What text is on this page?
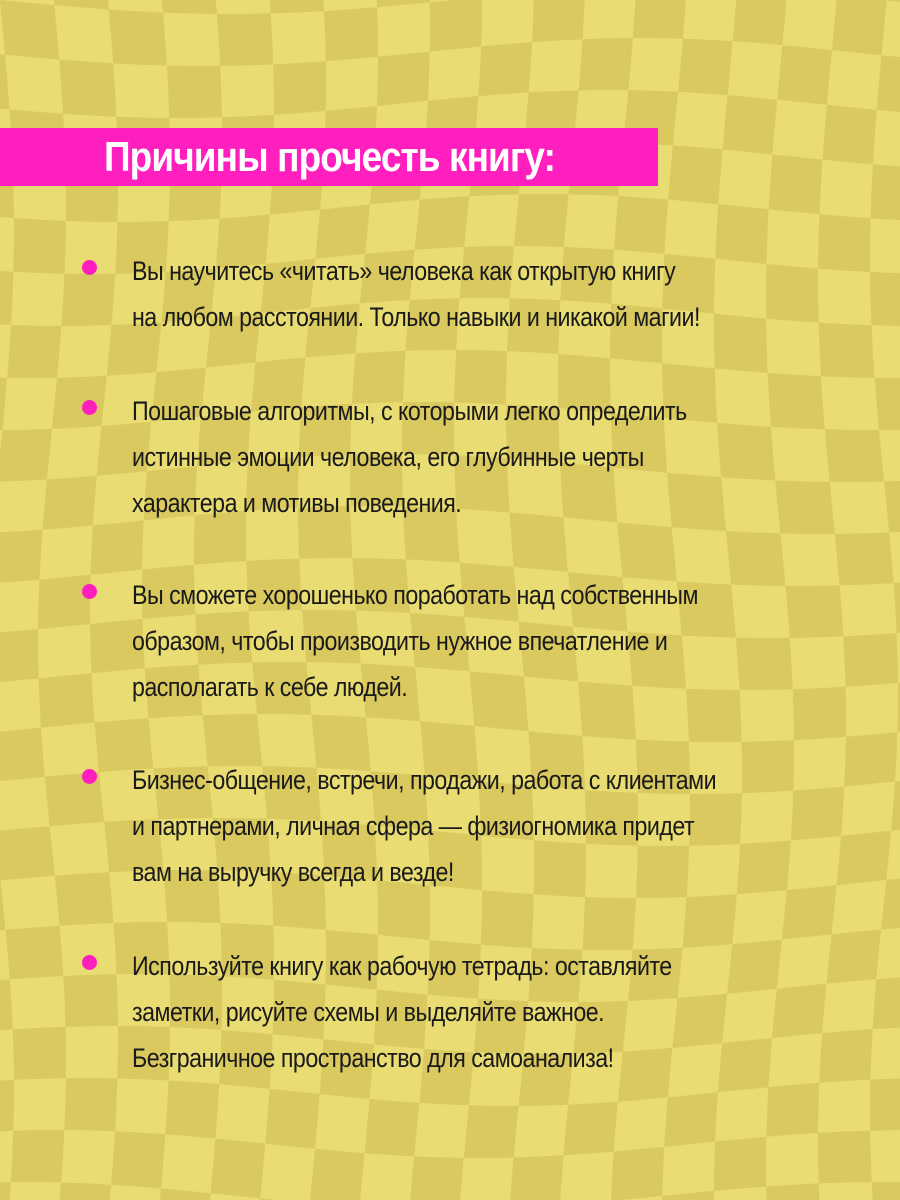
Причины прочесть книгу:
Вы научитесь «читать» человека как открытую книгу
на любом расстоянии. Только навыки и никакой магии!
Пошаговые алгоритмы, с которыми легко определить
истинные эмоции человека, его глубинные черты
характера и мотивы поведения.
Вы сможете хорошенько поработать над собственным
образом, чтобы производить нужное впечатление и
располагать к себе людей.
Бизнес-общение, встречи, продажи, работа с клиентами
и партнерами, личная сфера — физиогномика придет
вам на выручку всегда и везде!
Используйте книгу как рабочую тетрадь: оставляйте
заметки, рисуйте схемы и выделяйте важное.
Безграничное пространство для самоанализа!
